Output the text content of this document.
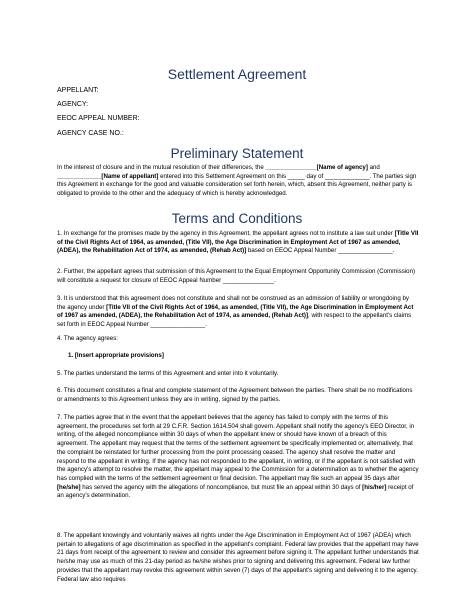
Settlement Agreement
APPELLANT:
AGENCY:
EEOC APPEAL NUMBER:
AGENCY CASE NO.:
Preliminary Statement

In the interest of closure and in the mutual resolution of their differences, the _______________[Name of agency] and _____________[Name of appellant] entered into this Settlement Agreement on this _____ day of _____________. The parties sign this Agreement in exchange for the good and valuable consideration set forth herein, which, absent this Agreement, neither party is obligated to provide to the other and the adequacy of which is hereby acknowledged.

Terms and Conditions

1. In exchange for the promises made by the agency in this Agreement, the appellant agrees not to institute a law suit under [Title VII of the Civil Rights Act of 1964, as amended, (Title VII), the Age Discrimination in Employment Act of 1967 as amended, (ADEA), the Rehabilitation Act of 1974, as amended, (Rehab Act)] based on EEOC Appeal Number ________________.

2. Further, the appellant agrees that submission of this Agreement to the Equal Employment Opportunity Commission (Commission) will constitute a request for closure of EEOC Appeal Number _______________.

3. It is understood that this agreement does not constitute and shall not be construed as an admission of liability or wrongdoing by the agency under [Title VII of the Civil Rights Act of 1964, as amended, (Title VII), the Age Discrimination in Employment Act of 1967 as amended, (ADEA), the Rehabilitation Act of 1974, as amended, (Rehab Act)], with respect to the appellant's claims set forth in EEOC Appeal Number ________________.

4. The agency agrees:
1. [Insert appropriate provisions]
5. The parties understand the terms of this Agreement and enter into it voluntarily.
6. This document constitutes a final and complete statement of the Agreement between the parties. There shall be no modifications or amendments to this Agreement unless they are in writing, signed by the parties.

7. The parties agree that in the event that the appellant believes that the agency has failed to comply with the terms of this agreement, the procedures set forth at 29 C.F.R. Section 1614.504 shall govern. Appellant shall notify the agency's EEO Director, in writing, of the alleged noncompliance within 30 days of when the appellant knew or should have known of a breach of this agreement. The appellant may request that the terms of the settlement agreement be specifically implemented or, alternatively, that the complaint be reinstated for further processing from the point processing ceased. The agency shall resolve the matter and respond to the appellant in writing. If the agency has not responded to the appellant, in writing, or if the appellant is not satisfied with the agency's attempt to resolve the matter, the appellant may appeal to the Commission for a determination as to whether the agency has complied with the terms of the settlement agreement or final decision. The appellant may file such an appeal 35 days after [he/she] has served the agency with the allegations of noncompliance, but must file an appeal within 30 days of [his/her] receipt of an agency's determination.

8. The appellant knowingly and voluntarily waives all rights under the Age Discrimination in Employment Act of 1967 (ADEA) which pertain to allegations of age discrimination as specified in the appellant's complaint. Federal law provides that the appellant may have 21 days from receipt of the agreement to review and consider this agreement before signing it. The appellant further understands that he/she may use as much of this 21-day period as he/she wishes prior to signing and delivering this agreement. Federal law further provides that the appellant may revoke this agreement within seven (7) days of the appellant's signing and delivering it to the agency. Federal law also requires
